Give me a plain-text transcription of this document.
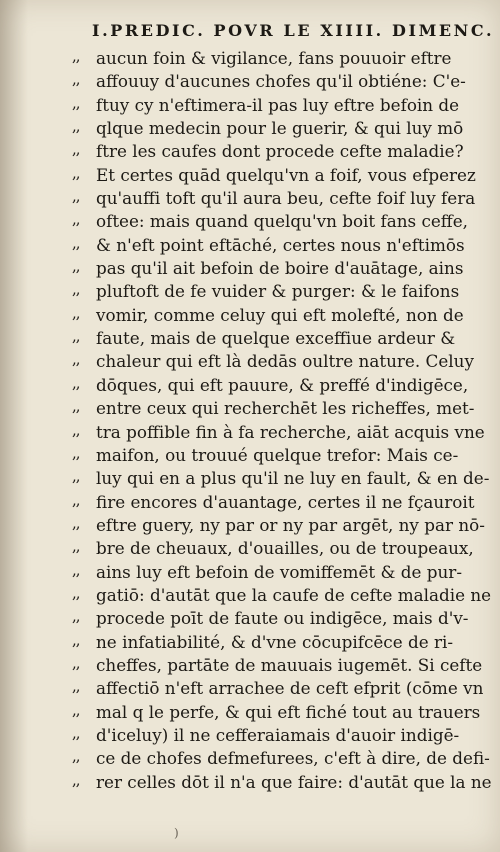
I.PREDIC. POVR LE XIIII. DIMENC.
,, aucun foin & vigilance, fans pouuoir eftre
,, affouuy d'aucunes chofes qu'il obtiéne: C'e-
,, ftuy cy n'eftimera-il pas luy eftre befoin de
,, qlque medecin pour le guerir, & qui luy mō
,, ftre les caufes dont procede cefte maladie?
,, Et certes quād quelqu'vn a foif, vous efperez
,, qu'auffi toft qu'il aura beu, cefte foif luy fera
,, oftee: mais quand quelqu'vn boit fans ceffe,
,, & n'eft point eftāché, certes nous n'eftimōs
,, pas qu'il ait befoin de boire d'auātage, ains
,, pluftoft de fe vuider & purger: & le faifons
,, vomir, comme celuy qui eft molefté, non de
,, faute, mais de quelque exceffiue ardeur &
,, chaleur qui eft là dedās oultre nature. Celuy
,, dōques, qui eft pauure, & preffé d'indigēce,
,, entre ceux qui recherchēt les richeffes, met-
,, tra poffible fin à fa recherche, aiāt acquis vne
,, maifon, ou trouué quelque trefor: Mais ce-
,, luy qui en a plus qu'il ne luy en fault, & en de-
,, fire encores d'auantage, certes il ne fçauroit
,, eftre guery, ny par or ny par argēt, ny par nō-
,, bre de cheuaux, d'ouailles, ou de troupeaux,
,, ains luy eft befoin de vomiffemēt & de pur-
,, gatiō: d'autāt que la caufe de cefte maladie ne
,, procede poīt de faute ou indigēce, mais d'v-
,, ne infatiabilité, & d'vne cōcupifcēce de ri-
,, cheffes, partāte de mauuais iugemēt. Si cefte
,, affectiō n'eft arrachee de ceft efprit (cōme vn
,, mal q le perfe, & qui eft fiché tout au trauers
,, d'iceluy) il ne cefferaiamais d'auoir indigē-
,, ce de chofes defmefurees, c'eft à dire, de defi-
,, rer celles dōt il n'a que faire: d'autāt que la ne
)
